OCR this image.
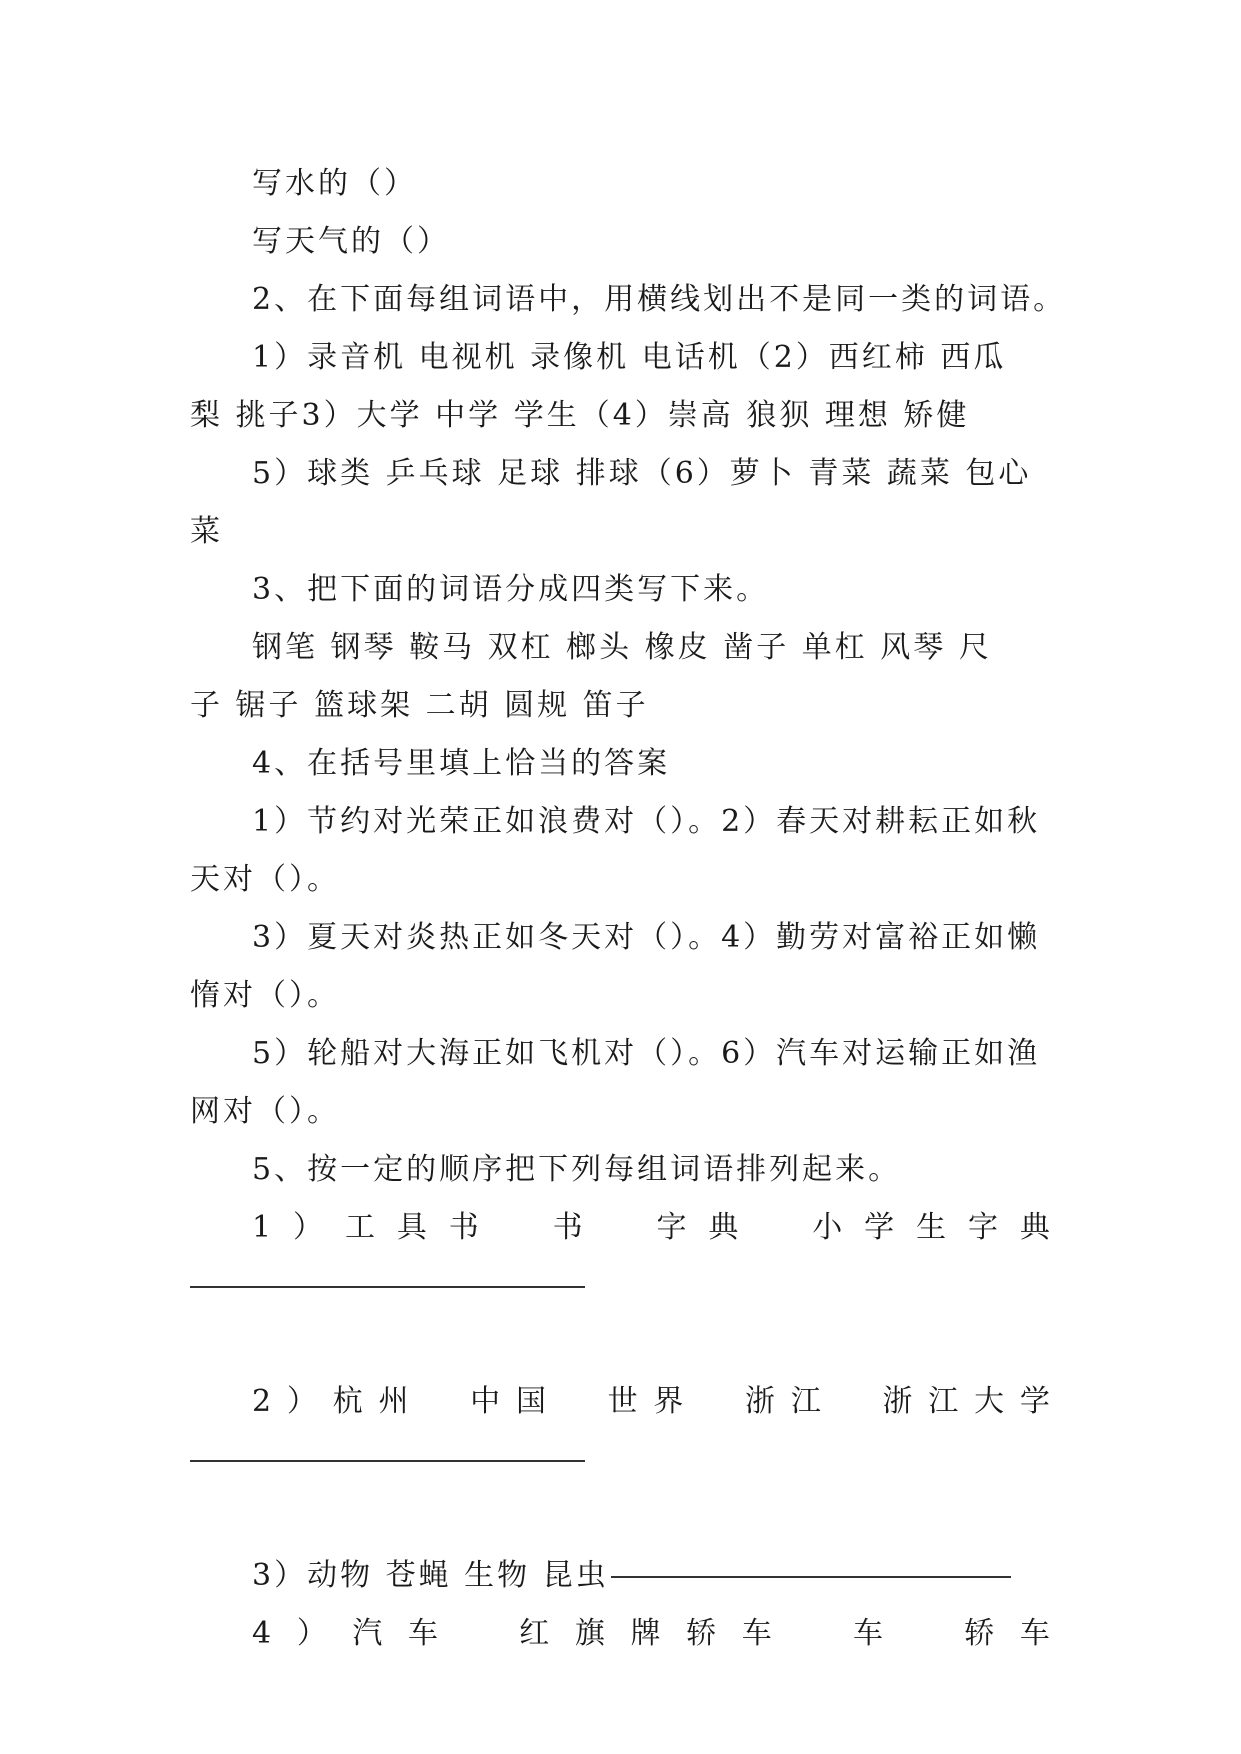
写水的（）
写天气的（）
2、在下面每组词语中，用横线划出不是同一类的词语。
1）录音机 电视机 录像机 电话机（2）西红柿 西瓜
梨 挑子3）大学 中学 学生（4）崇高 狼狈 理想 矫健
5）球类 乒乓球 足球 排球（6）萝卜 青菜 蔬菜 包心
菜
3、把下面的词语分成四类写下来。
钢笔 钢琴 鞍马 双杠 榔头 橡皮 凿子 单杠 风琴 尺
子 锯子 篮球架 二胡 圆规 笛子
4、在括号里填上恰当的答案
1）节约对光荣正如浪费对（）。2）春天对耕耘正如秋
天对（）。
3）夏天对炎热正如冬天对（）。4）勤劳对富裕正如懒
惰对（）。
5）轮船对大海正如飞机对（）。6）汽车对运输正如渔
网对（）。
5、按一定的顺序把下列每组词语排列起来。
1 ） 工 具 书
　 书
　 字 典
　 小 学 生 字 典
2 ） 杭 州
　 中 国
　 世 界
　 浙 江
　 浙 江 大 学
3）动物 苍蝇 生物 昆虫
4 ） 汽 车
　	红 旗 牌 轿 车
　	车
　	轿 车
